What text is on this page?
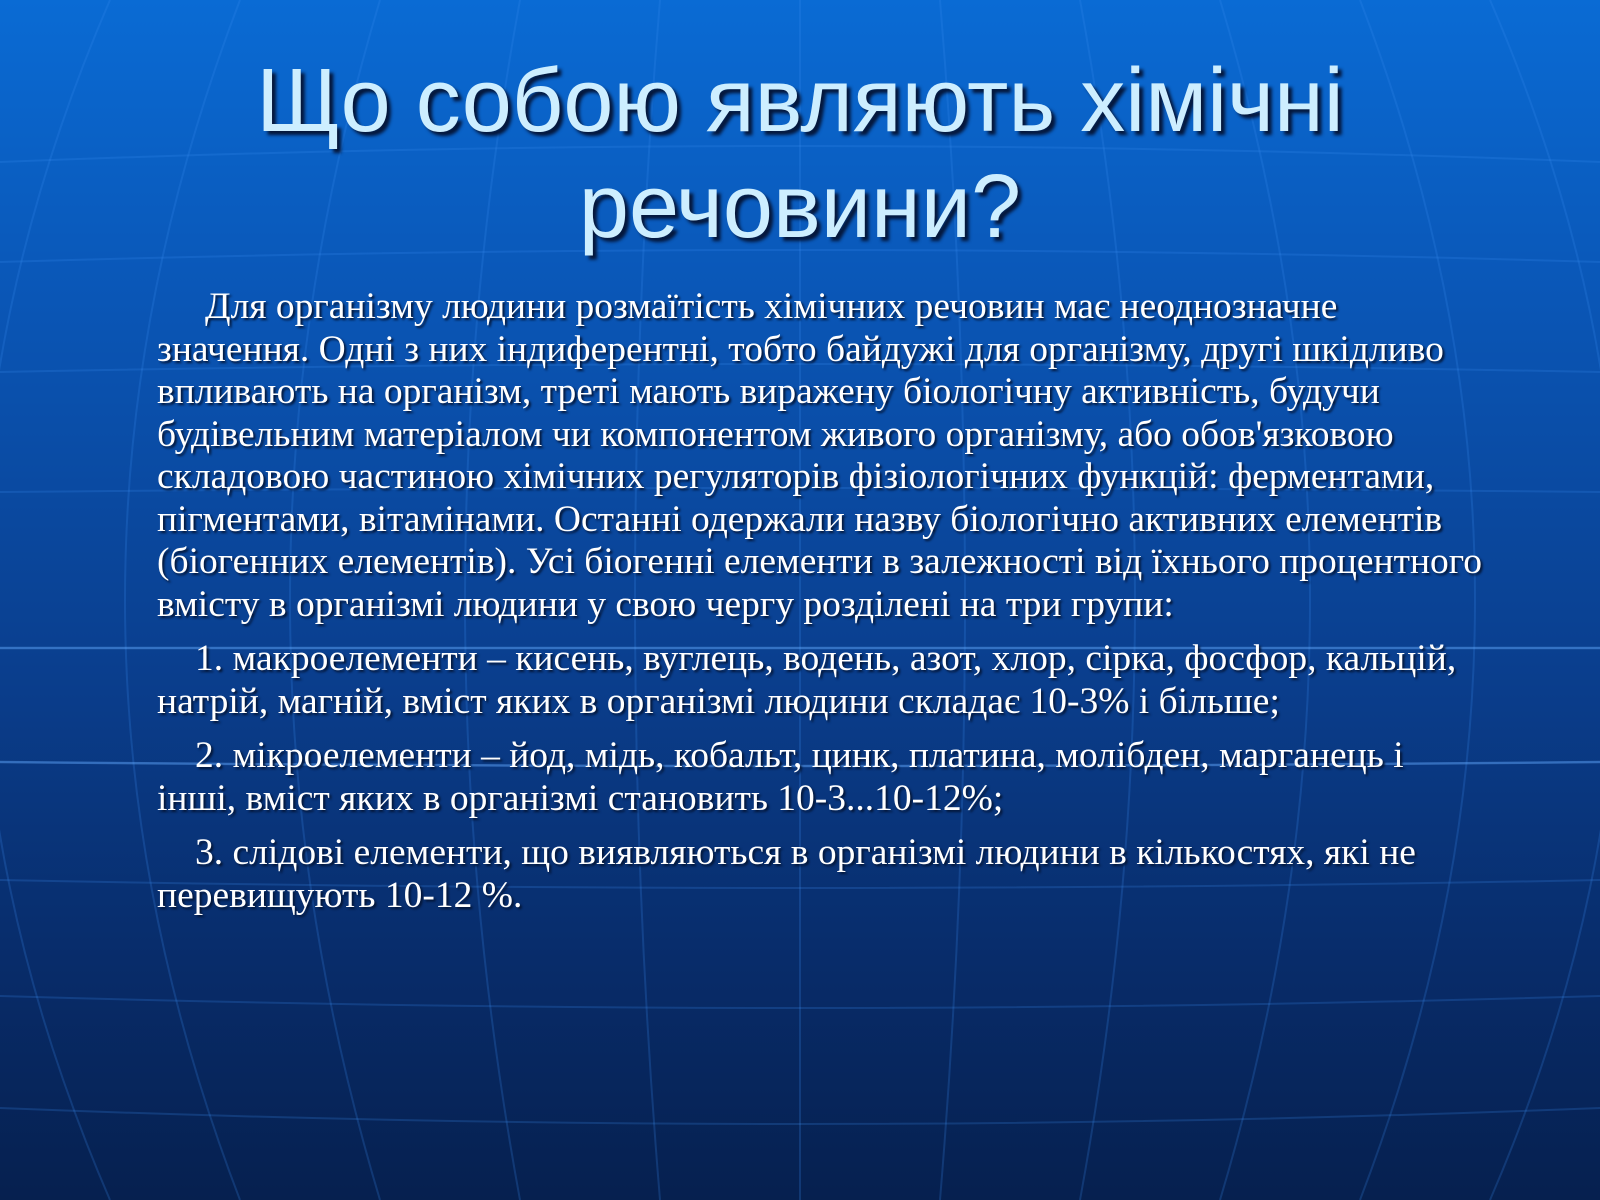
Що собою являють хімічні речовини?

Для організму людини розмаїтість хімічних речовин має неоднозначне значення. Одні з них індиферентні, тобто байдужі для організму, другі шкідливо впливають на організм, треті мають виражену біологічну активність, будучи будівельним матеріалом чи компонентом живого організму, або обов'язковою складовою частиною хімічних регуляторів фізіологічних функцій: ферментами, пігментами, вітамінами. Останні одержали назву біологічно активних елементів (біогенних елементів). Усі біогенні елементи в залежності від їхнього процентного вмісту в організмі людини у свою чергу розділені на три групи:

1. макроелементи – кисень, вуглець, водень, азот, хлор, сірка, фосфор, кальцій, натрій, магній, вміст яких в організмі людини складає 10-3% і більше;

2. мікроелементи – йод, мідь, кобальт, цинк, платина, молібден, марганець і інші, вміст яких в організмі становить 10-3...10-12%;

3. слідові елементи, що виявляються в організмі людини в кількостях, які не перевищують 10-12 %.
